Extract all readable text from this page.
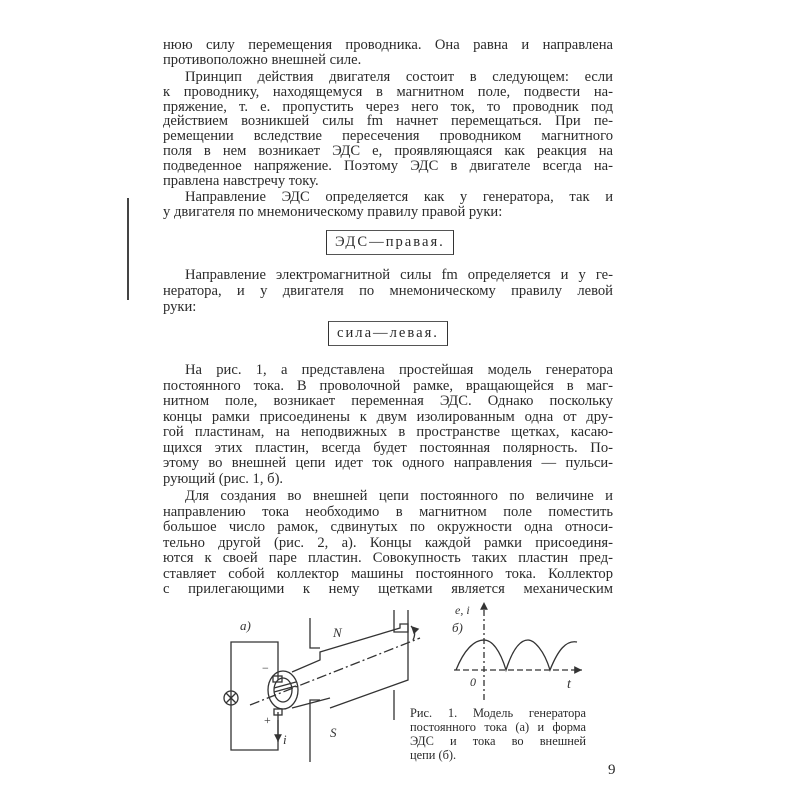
нюю силу перемещения проводника. Она равна и направлена
противоположно внешней силе.
Принцип действия двигателя состоит в следующем: если
к проводнику, находящемуся в магнитном поле, подвести на-
пряжение, т. е. пропустить через него ток, то проводник под
действием возникшей силы fm начнет перемещаться. При пе-
ремещении вследствие пересечения проводником магнитного
поля в нем возникает ЭДС e, проявляющаяся как реакция на
подведенное напряжение. Поэтому ЭДС в двигателе всегда на-
правлена навстречу току.
Направление ЭДС определяется как у генератора, так и
у двигателя по мнемоническому правилу правой руки:
ЭДС—правая.
Направление электромагнитной силы fm определяется и у ге-
нератора, и у двигателя по мнемоническому правилу левой
руки:
сила—левая.
На рис. 1, а представлена простейшая модель генератора
постоянного тока. В проволочной рамке, вращающейся в маг-
нитном поле, возникает переменная ЭДС. Однако поскольку
концы рамки присоединены к двум изолированным одна от дру-
гой пластинам, на неподвижных в пространстве щетках, касаю-
щихся этих пластин, всегда будет постоянная полярность. По-
этому во внешней цепи идет ток одного направления — пульси-
рующий (рис. 1, б).
Для создания во внешней цепи постоянного по величине и
направлению тока необходимо в магнитном поле поместить
большое число рамок, сдвинутых по окружности одна относи-
тельно другой (рис. 2, а). Концы каждой рамки присоединя-
ются к своей паре пластин. Совокупность таких пластин пред-
ставляет собой коллектор машины постоянного тока. Коллектор
с прилегающими к нему щетками является механическим
а)
i
+
−
N
S
б)
e, i
0	t
Рис. 1. Модель генератора
постоянного тока (а) и форма
ЭДС и тока во внешней
цепи (б).
9
